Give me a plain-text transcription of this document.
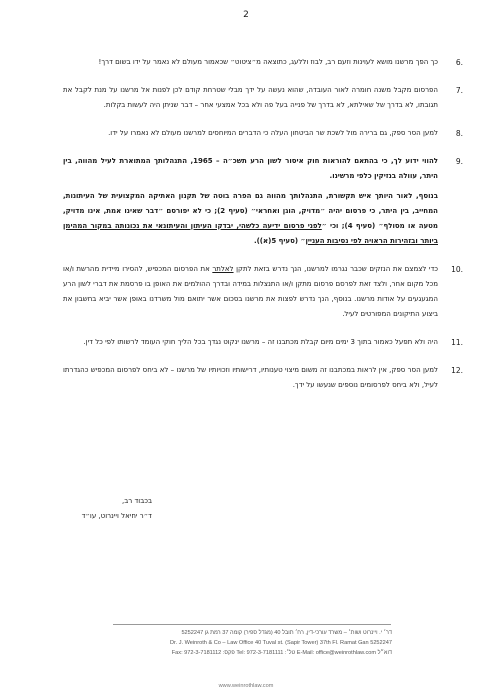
2
6.
כך הפך מרשנו מושא לעוינות וזעם רב, לבוז וללעג, כתוצאה מ״ציטוט״ שכאמור מעולם לא נאמר על ידו בשום דרך!
7.
הפרסום מקבל משנה חומרה לאור העובדה, שהוא נעשה על ידך מבלי שטרחת קודם לכן לפנות אל מרשנו על מנת לקבל את תגובתו, לא בדרך של שאילתא, לא בדרך של פנייה בעל פה ולא בכל אמצעי אחר – דבר שניתן היה לעשות בקלות.
8.
למען הסר ספק, גם ברירה מול לשכת שר הביטחון העלה כי הדברים המיוחסים למרשנו מעולם לא נאמרו על ידו.
9.
להווי ידוע לך, כי בהתאם להוראות חוק איסור לשון הרע תשכ״ה – 1965, התנהלותך המתוארת לעיל מהווה, בין היתר, עוולה בנזיקין כלפי מרשינו.
בנוסף, לאור היותך איש תקשורת, התנהלותך מהווה גם הפרה בוטה של תקנון האתיקה המקצועית של העיתונות, המחייב, בין היתר, כי פרסום יהיה ״מדויק, הוגן ואחראי״ (סעיף 2); כי לא יפורסם ״דבר שאינו אמת, אינו מדויק, מטעה או מסולף״ (סעיף 4); וכי ״לפני פרסום ידיעה כלשהי, יבדקו העיתון והעיתונאי את נכונותה במקור המהימן ביותר ובזהירות הראויה לפי נסיבות העניין״ (סעיף 5(א)).
10.
כדי לצמצם את הנזקים שכבר נגרמו למרשנו, הנך נדרש בזאת לתקן לאלתר את הפרסום המכפיש, להסירו מיידית מהרשת ו/או מכל מקום אחר, ולצד זאת לפרסם פרסום מתקן ו/או התנצלות במידה ובדרך ההולמים את האופן בו פרסמת את דברי לשון הרע המגעגעים על אודות מרשנו. בנוסף, הנך נדרש לפצות את מרשנו בסכום אשר יתואם מול משרדנו באופן אשר יביא בחשבון את ביצוע התיקונים המפורטים לעיל.
11.
היה ולא תפעל כאמור בתוך 3 ימים מיום קבלת מכתבנו זה – מרשנו ינקוט נגדך בכל הליך חוקי העומד לרשותו לפי כל דין.
12.
למען הסר ספק, אין לראות במכתבנו זה משום מיצוי טענותיו, דרישותיו וזכויותיו של מרשנו – לא ביחס לפרסום המכפיש כהגדרתו לעיל, ולא ביחס לפרסומים נוספים שנעשו על ידך.
בכבוד רב,
ד״ר יחיאל ויינרוט, עו״ד
דר׳ י. ויינרוט ושות׳ – משרד עורכי-דין, רח׳ תובל 40 (מגדל ספיר) קומה 37 רמת גן 5252247
Dr. J. Weinroth & Co – Law Office 40 Tuval st. (Sapir Tower) 37th Fl. Ramat Gan 5252247
Fax: 972-3-7181112 :פקס Tel: 972-3-7181111 :טל׳ E-Mail: office@weinrothlaw.com דוא״ל
www.weinrothlaw.com
